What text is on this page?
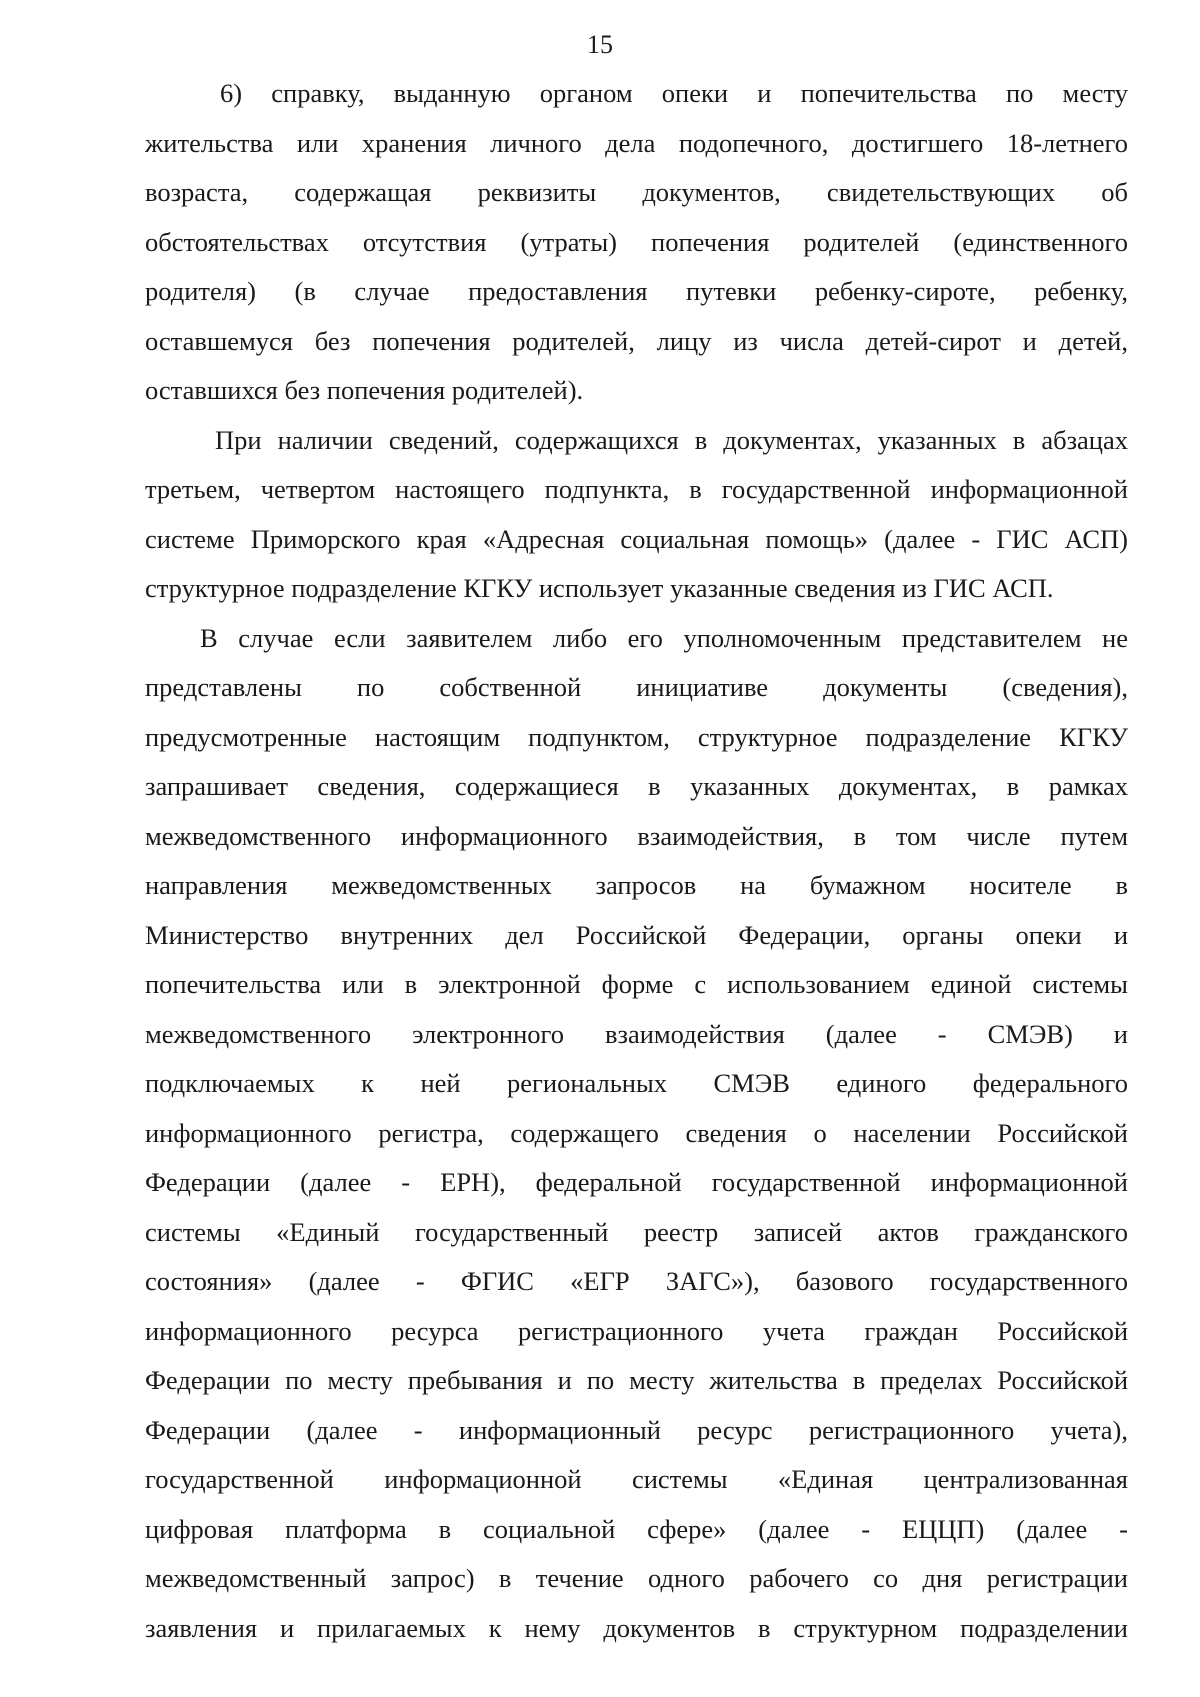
15
6) справку, выданную органом опеки и попечительства по месту
жительства или хранения личного дела подопечного, достигшего 18-летнего
возраста, содержащая реквизиты документов, свидетельствующих об
обстоятельствах отсутствия (утраты) попечения родителей (единственного
родителя) (в случае предоставления путевки ребенку-сироте, ребенку,
оставшемуся без попечения родителей, лицу из числа детей-сирот и детей,
оставшихся без попечения родителей).
При наличии сведений, содержащихся в документах, указанных в абзацах
третьем, четвертом настоящего подпункта, в государственной информационной
системе Приморского края «Адресная социальная помощь» (далее - ГИС АСП)
структурное подразделение КГКУ использует указанные сведения из ГИС АСП.
В случае если заявителем либо его уполномоченным представителем не
представлены по собственной инициативе документы (сведения),
предусмотренные настоящим подпунктом, структурное подразделение КГКУ
запрашивает сведения, содержащиеся в указанных документах, в рамках
межведомственного информационного взаимодействия, в том числе путем
направления межведомственных запросов на бумажном носителе в
Министерство внутренних дел Российской Федерации, органы опеки и
попечительства или в электронной форме с использованием единой системы
межведомственного электронного взаимодействия (далее - СМЭВ) и
подключаемых к ней региональных СМЭВ единого федерального
информационного регистра, содержащего сведения о населении Российской
Федерации (далее - ЕРН), федеральной государственной информационной
системы «Единый государственный реестр записей актов гражданского
состояния» (далее - ФГИС «ЕГР ЗАГС»), базового государственного
информационного ресурса регистрационного учета граждан Российской
Федерации по месту пребывания и по месту жительства в пределах Российской
Федерации (далее - информационный ресурс регистрационного учета),
государственной информационной системы «Единая централизованная
цифровая платформа в социальной сфере» (далее - ЕЦЦП) (далее -
межведомственный запрос) в течение одного рабочего со дня регистрации
заявления и прилагаемых к нему документов в структурном подразделении
